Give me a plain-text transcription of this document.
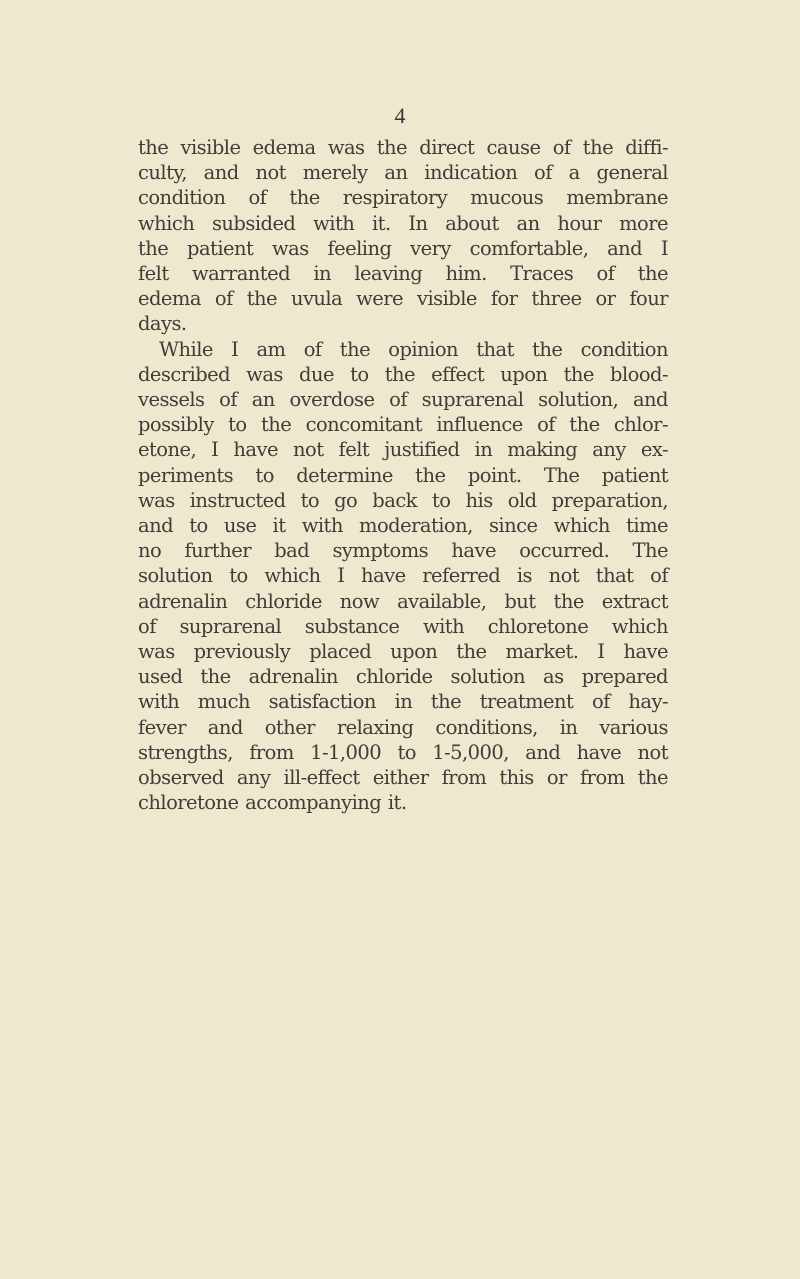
4
the visible edema was the direct cause of the diffi-
culty, and not merely an indication of a general
condition of the respiratory mucous membrane
which subsided with it. In about an hour more
the patient was feeling very comfortable, and I
felt warranted in leaving him. Traces of the
edema of the uvula were visible for three or four
days.
While I am of the opinion that the condition
described was due to the effect upon the blood-
vessels of an overdose of suprarenal solution, and
possibly to the concomitant influence of the chlor-
etone, I have not felt justified in making any ex-
periments to determine the point. The patient
was instructed to go back to his old preparation,
and to use it with moderation, since which time
no further bad symptoms have occurred. The
solution to which I have referred is not that of
adrenalin chloride now available, but the extract
of suprarenal substance with chloretone which
was previously placed upon the market. I have
used the adrenalin chloride solution as prepared
with much satisfaction in the treatment of hay-
fever and other relaxing conditions, in various
strengths, from 1-1,000 to 1-5,000, and have not
observed any ill-effect either from this or from the
chloretone accompanying it.
